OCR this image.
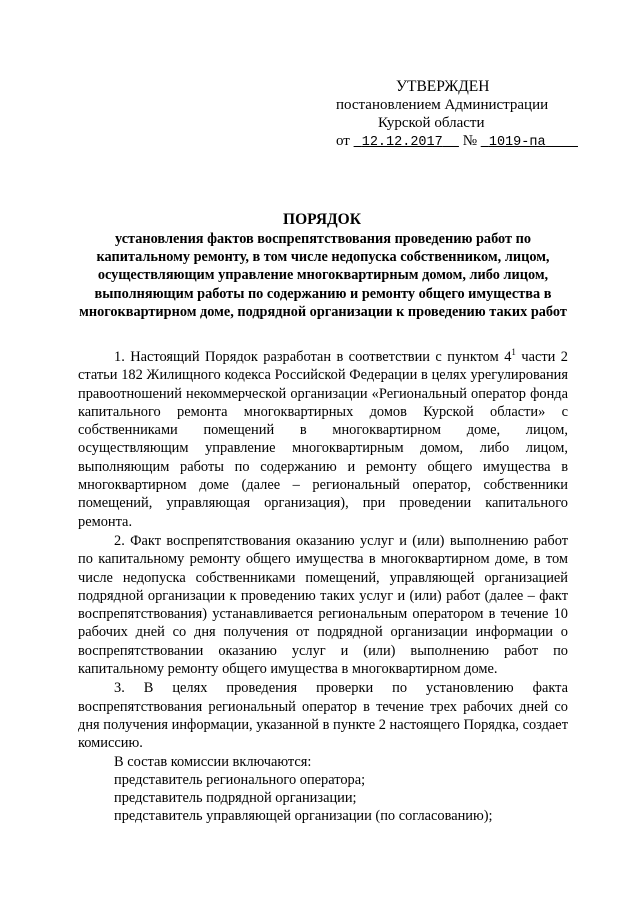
УТВЕРЖДЕН
постановлением Администрации
Курской области
от 12.12.2017 № 1019-па
ПОРЯДОК
установления фактов воспрепятствования проведению работ по капитальному ремонту, в том числе недопуска собственником, лицом, осуществляющим управление многоквартирным домом, либо лицом, выполняющим работы по содержанию и ремонту общего имущества в многоквартирном доме, подрядной организации к проведению таких работ

1. Настоящий Порядок разработан в соответствии с пунктом $4^1$ части 2 статьи 182 Жилищного кодекса Российской Федерации в целях урегулирования правоотношений некоммерческой организации «Региональный оператор фонда капитального ремонта многоквартирных домов Курской области» с собственниками помещений в многоквартирном доме, лицом, осуществляющим управление многоквартирным домом, либо лицом, выполняющим работы по содержанию и ремонту общего имущества в многоквартирном доме (далее – региональный оператор, собственники помещений, управляющая организация), при проведении капитального ремонта.

2. Факт воспрепятствования оказанию услуг и (или) выполнению работ по капитальному ремонту общего имущества в многоквартирном доме, в том числе недопуска собственниками помещений, управляющей организацией подрядной организации к проведению таких услуг и (или) работ (далее – факт воспрепятствования) устанавливается региональным оператором в течение 10 рабочих дней со дня получения от подрядной организации информации о воспрепятствовании оказанию услуг и (или) выполнению работ по капитальному ремонту общего имущества в многоквартирном доме.

3. В целях проведения проверки по установлению факта воспрепятствования региональный оператор в течение трех рабочих дней со дня получения информации, указанной в пункте 2 настоящего Порядка, создает комиссию.

В состав комиссии включаются:
представитель регионального оператора;
представитель подрядной организации;
представитель управляющей организации (по согласованию);
